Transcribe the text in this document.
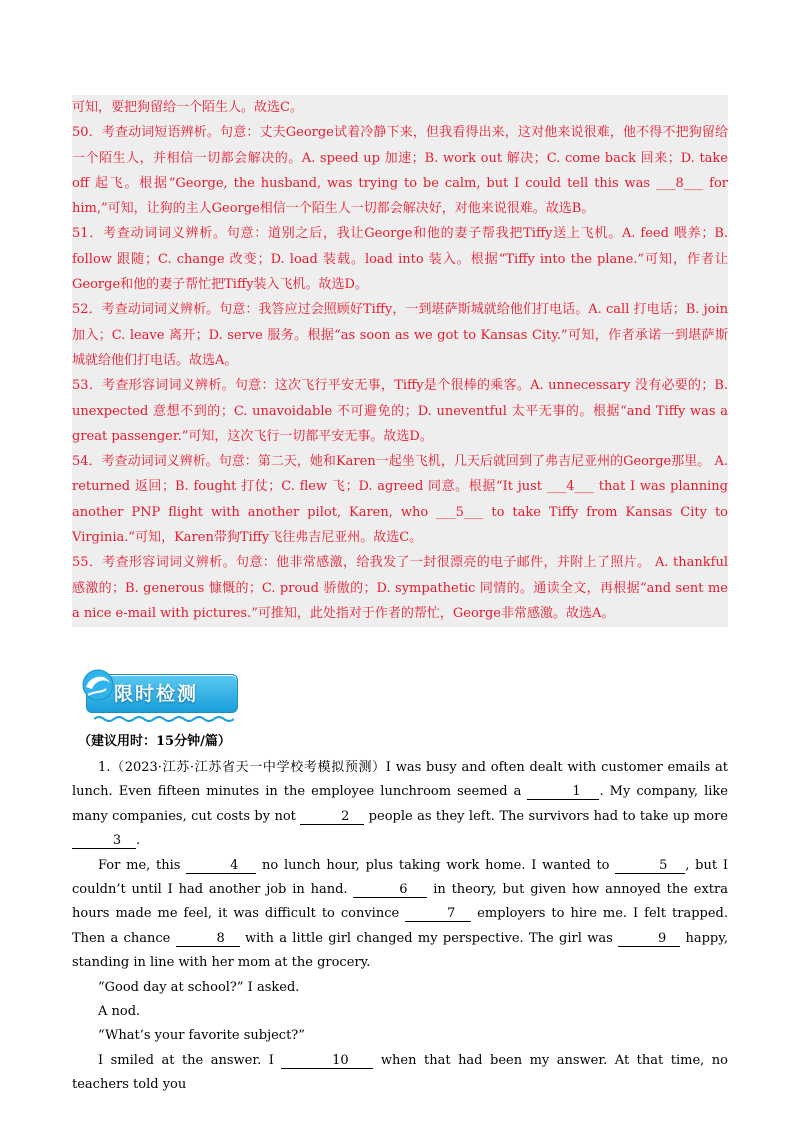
可知，要把狗留给一个陌生人。故选C。

50．考查动词短语辨析。句意：丈夫George试着冷静下来，但我看得出来，这对他来说很难，他不得不把狗留给一个陌生人，并相信一切都会解决的。A. speed up 加速；B. work out 解决；C. come back 回来；D. take off 起飞。根据“George, the husband, was trying to be calm, but I could tell this was ___8___ for him,”可知，让狗的主人George相信一个陌生人一切都会解决好，对他来说很难。故选B。

51．考查动词词义辨析。句意：道别之后，我让George和他的妻子帮我把Tiffy送上飞机。A. feed 喂养；B. follow 跟随；C. change 改变；D. load 装载。load into 装入。根据“Tiffy into the plane.”可知，作者让George和他的妻子帮忙把Tiffy装入飞机。故选D。

52．考查动词词义辨析。句意：我答应过会照顾好Tiffy，一到堪萨斯城就给他们打电话。A. call 打电话；B. join 加入；C. leave 离开；D. serve 服务。根据“as soon as we got to Kansas City.”可知，作者承诺一到堪萨斯城就给他们打电话。故选A。

53．考查形容词词义辨析。句意：这次飞行平安无事，Tiffy是个很棒的乘客。A. unnecessary 没有必要的；B. unexpected 意想不到的；C. unavoidable 不可避免的；D. uneventful 太平无事的。根据“and Tiffy was a great passenger.”可知，这次飞行一切都平安无事。故选D。

54．考查动词词义辨析。句意：第二天，她和Karen一起坐飞机，几天后就回到了弗吉尼亚州的George那里。 A. returned 返回；B. fought 打仗；C. flew 飞；D. agreed 同意。根据“It just ___4___ that I was planning another PNP flight with another pilot, Karen, who ___5___ to take Tiffy from Kansas City to Virginia.”可知，Karen带狗Tiffy飞往弗吉尼亚州。故选C。

55．考查形容词词义辨析。句意：他非常感激，给我发了一封很漂亮的电子邮件，并附上了照片。 A. thankful 感激的；B. generous 慷慨的；C. proud 骄傲的；D. sympathetic 同情的。通读全文，再根据“and sent me a nice e-mail with pictures.”可推知，此处指对于作者的帮忙，George非常感激。故选A。

限时检测

（建议用时：15分钟/篇）

1.（2023·江苏·江苏省天一中学校考模拟预测）I was busy and often dealt with customer emails at lunch. Even fifteen minutes in the employee lunchroom seemed a	1 . My company, like many companies, cut costs by not	2 people as they left. The survivors had to take up more 3 .

For me, this	4 no lunch hour, plus taking work home. I wanted to	5 , but I couldn’t until I had another job in hand.	6 in theory, but given how annoyed the extra hours made me feel, it was difficult to convince	7 employers to hire me. I felt trapped. Then a chance	8 with a little girl changed my perspective. The girl was	9 happy, standing in line with her mom at the grocery.

“Good day at school?” I asked.

A nod.

“What’s your favorite subject?”

I smiled at the answer. I	10 when that had been my answer. At that time, no teachers told you
